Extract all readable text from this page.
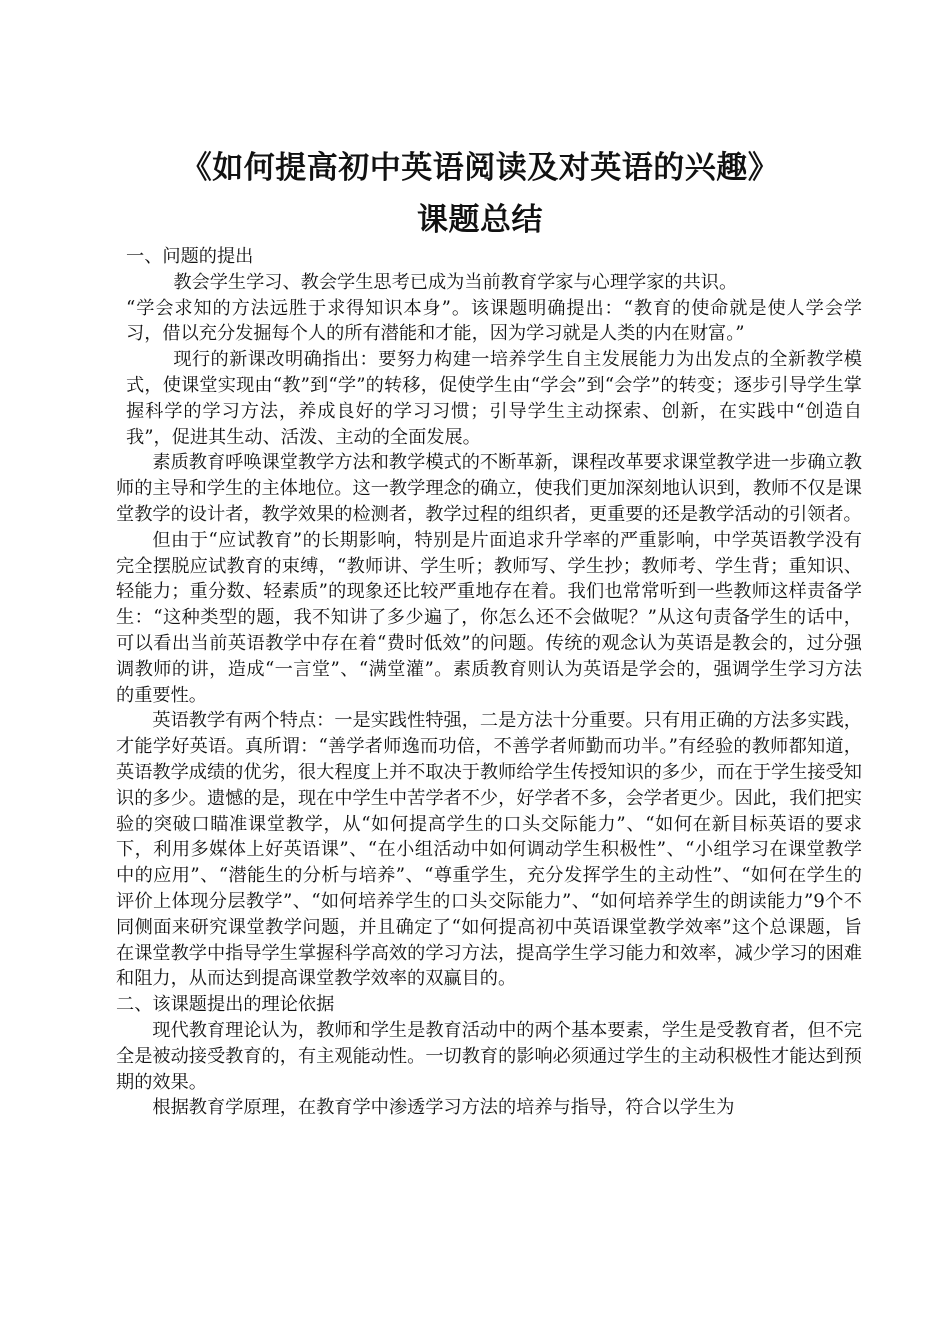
《如何提高初中英语阅读及对英语的兴趣》
课题总结

一、问题的提出

教会学生学习、教会学生思考已成为当前教育学家与心理学家的共识。

“学会求知的方法远胜于求得知识本身”。该课题明确提出：“教育的使命就是使人学会学习，借以充分发掘每个人的所有潜能和才能，因为学习就是人类的内在财富。”

现行的新课改明确指出：要努力构建一培养学生自主发展能力为出发点的全新教学模式，使课堂实现由“教”到“学”的转移，促使学生由“学会”到“会学”的转变；逐步引导学生掌握科学的学习方法，养成良好的学习习惯；引导学生主动探索、创新，在实践中“创造自我”，促进其生动、活泼、主动的全面发展。

素质教育呼唤课堂教学方法和教学模式的不断革新，课程改革要求课堂教学进一步确立教师的主导和学生的主体地位。这一教学理念的确立，使我们更加深刻地认识到，教师不仅是课堂教学的设计者，教学效果的检测者，教学过程的组织者，更重要的还是教学活动的引领者。

但由于“应试教育”的长期影响，特别是片面追求升学率的严重影响，中学英语教学没有完全摆脱应试教育的束缚，“教师讲、学生听；教师写、学生抄；教师考、学生背；重知识、轻能力；重分数、轻素质”的现象还比较严重地存在着。我们也常常听到一些教师这样责备学生：“这种类型的题，我不知讲了多少遍了，你怎么还不会做呢？”从这句责备学生的话中，可以看出当前英语教学中存在着“费时低效”的问题。传统的观念认为英语是教会的，过分强调教师的讲，造成“一言堂”、“满堂灌”。素质教育则认为英语是学会的，强调学生学习方法的重要性。

英语教学有两个特点：一是实践性特强，二是方法十分重要。只有用正确的方法多实践，才能学好英语。真所谓：“善学者师逸而功倍，不善学者师勤而功半。”有经验的教师都知道，英语教学成绩的优劣，很大程度上并不取决于教师给学生传授知识的多少，而在于学生接受知识的多少。遗憾的是，现在中学生中苦学者不少，好学者不多，会学者更少。因此，我们把实验的突破口瞄准课堂教学，从“如何提高学生的口头交际能力”、“如何在新目标英语的要求下，利用多媒体上好英语课”、“在小组活动中如何调动学生积极性”、“小组学习在课堂教学中的应用”、“潜能生的分析与培养”、“尊重学生，充分发挥学生的主动性”、“如何在学生的评价上体现分层教学”、“如何培养学生的口头交际能力”、“如何培养学生的朗读能力”9个不同侧面来研究课堂教学问题，并且确定了“如何提高初中英语课堂教学效率”这个总课题，旨在课堂教学中指导学生掌握科学高效的学习方法，提高学生学习能力和效率，减少学习的困难和阻力，从而达到提高课堂教学效率的双赢目的。

二、该课题提出的理论依据

现代教育理论认为，教师和学生是教育活动中的两个基本要素，学生是受教育者，但不完全是被动接受教育的，有主观能动性。一切教育的影响必须通过学生的主动积极性才能达到预期的效果。

根据教育学原理，在教育学中渗透学习方法的培养与指导，符合以学生为
